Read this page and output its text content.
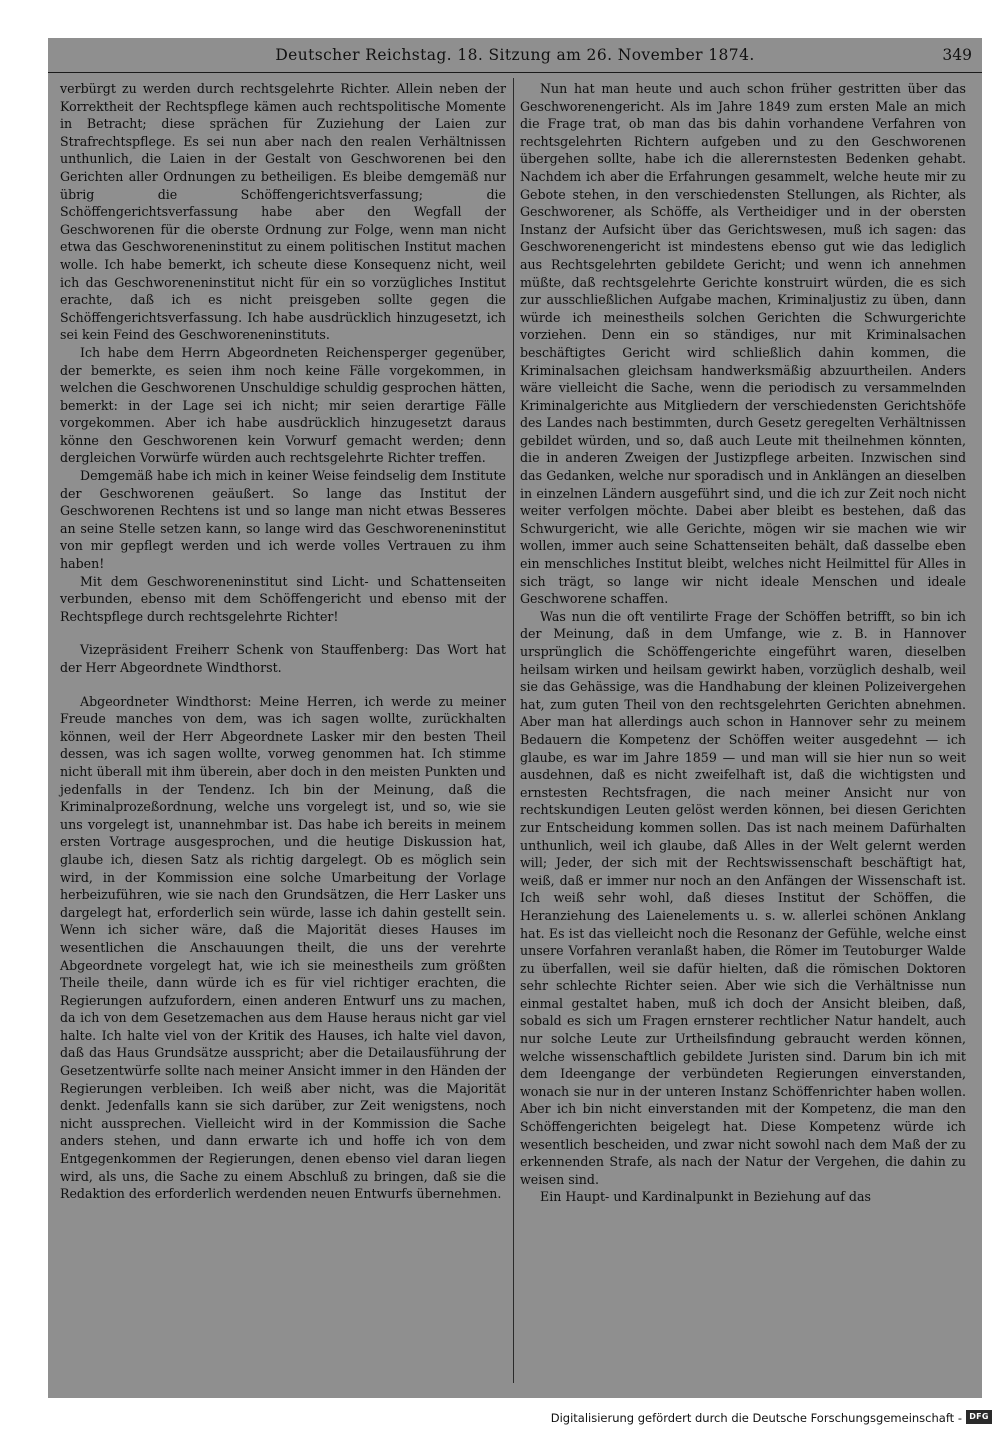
Deutscher Reichstag. 18. Sitzung am 26. November 1874.	349

verbürgt zu werden durch rechtsgelehrte Richter. Allein neben der Korrektheit der Rechtspflege kämen auch rechtspolitische Momente in Betracht; diese sprächen für Zuziehung der Laien zur Strafrechtspflege. Es sei nun aber nach den realen Verhältnissen unthunlich, die Laien in der Gestalt von Geschworenen bei den Gerichten aller Ordnungen zu betheiligen. Es bleibe demgemäß nur übrig die Schöffengerichtsverfassung; die Schöffengerichtsverfassung habe aber den Wegfall der Geschworenen für die oberste Ordnung zur Folge, wenn man nicht etwa das Geschworeneninstitut zu einem politischen Institut machen wolle. Ich habe bemerkt, ich scheute diese Konsequenz nicht, weil ich das Geschworeneninstitut nicht für ein so vorzügliches Institut erachte, daß ich es nicht preisgeben sollte gegen die Schöffengerichtsverfassung. Ich habe ausdrücklich hinzugesetzt, ich sei kein Feind des Geschworeneninstituts.

Ich habe dem Herrn Abgeordneten Reichensperger gegenüber, der bemerkte, es seien ihm noch keine Fälle vorgekommen, in welchen die Geschworenen Unschuldige schuldig gesprochen hätten, bemerkt: in der Lage sei ich nicht; mir seien derartige Fälle vorgekommen. Aber ich habe ausdrücklich hinzugesetzt daraus könne den Geschworenen kein Vorwurf gemacht werden; denn dergleichen Vorwürfe würden auch rechtsgelehrte Richter treffen.

Demgemäß habe ich mich in keiner Weise feindselig dem Institute der Geschworenen geäußert. So lange das Institut der Geschworenen Rechtens ist und so lange man nicht etwas Besseres an seine Stelle setzen kann, so lange wird das Geschworeneninstitut von mir gepflegt werden und ich werde volles Vertrauen zu ihm haben!

Mit dem Geschworeneninstitut sind Licht- und Schattenseiten verbunden, ebenso mit dem Schöffengericht und ebenso mit der Rechtspflege durch rechtsgelehrte Richter!

Vizepräsident Freiherr Schenk von Stauffenberg: Das Wort hat der Herr Abgeordnete Windthorst.

Abgeordneter Windthorst: Meine Herren, ich werde zu meiner Freude manches von dem, was ich sagen wollte, zurückhalten können, weil der Herr Abgeordnete Lasker mir den besten Theil dessen, was ich sagen wollte, vorweg genommen hat. Ich stimme nicht überall mit ihm überein, aber doch in den meisten Punkten und jedenfalls in der Tendenz. Ich bin der Meinung, daß die Kriminalprozeßordnung, welche uns vorgelegt ist, und so, wie sie uns vorgelegt ist, unannehmbar ist. Das habe ich bereits in meinem ersten Vortrage ausgesprochen, und die heutige Diskussion hat, glaube ich, diesen Satz als richtig dargelegt. Ob es möglich sein wird, in der Kommission eine solche Umarbeitung der Vorlage herbeizuführen, wie sie nach den Grundsätzen, die Herr Lasker uns dargelegt hat, erforderlich sein würde, lasse ich dahin gestellt sein. Wenn ich sicher wäre, daß die Majorität dieses Hauses im wesentlichen die Anschauungen theilt, die uns der verehrte Abgeordnete vorgelegt hat, wie ich sie meinestheils zum größten Theile theile, dann würde ich es für viel richtiger erachten, die Regierungen aufzufordern, einen anderen Entwurf uns zu machen, da ich von dem Gesetzemachen aus dem Hause heraus nicht gar viel halte. Ich halte viel von der Kritik des Hauses, ich halte viel davon, daß das Haus Grundsätze ausspricht; aber die Detailausführung der Gesetzentwürfe sollte nach meiner Ansicht immer in den Händen der Regierungen verbleiben. Ich weiß aber nicht, was die Majorität denkt. Jedenfalls kann sie sich darüber, zur Zeit wenigstens, noch nicht aussprechen. Vielleicht wird in der Kommission die Sache anders stehen, und dann erwarte ich und hoffe ich von dem Entgegenkommen der Regierungen, denen ebenso viel daran liegen wird, als uns, die Sache zu einem Abschluß zu bringen, daß sie die Redaktion des erforderlich werdenden neuen Entwurfs übernehmen.

Nun hat man heute und auch schon früher gestritten über das Geschworenengericht. Als im Jahre 1849 zum ersten Male an mich die Frage trat, ob man das bis dahin vorhandene Verfahren von rechtsgelehrten Richtern aufgeben und zu den Geschworenen übergehen sollte, habe ich die allerernstesten Bedenken gehabt. Nachdem ich aber die Erfahrungen gesammelt, welche heute mir zu Gebote stehen, in den verschiedensten Stellungen, als Richter, als Geschworener, als Schöffe, als Vertheidiger und in der obersten Instanz der Aufsicht über das Gerichtswesen, muß ich sagen: das Geschworenengericht ist mindestens ebenso gut wie das lediglich aus Rechtsgelehrten gebildete Gericht; und wenn ich annehmen müßte, daß rechtsgelehrte Gerichte konstruirt würden, die es sich zur ausschließlichen Aufgabe machen, Kriminaljustiz zu üben, dann würde ich meinestheils solchen Gerichten die Schwurgerichte vorziehen. Denn ein so ständiges, nur mit Kriminalsachen beschäftigtes Gericht wird schließlich dahin kommen, die Kriminalsachen gleichsam handwerksmäßig abzuurtheilen. Anders wäre vielleicht die Sache, wenn die periodisch zu versammelnden Kriminalgerichte aus Mitgliedern der verschiedensten Gerichtshöfe des Landes nach bestimmten, durch Gesetz geregelten Verhältnissen gebildet würden, und so, daß auch Leute mit theilnehmen könnten, die in anderen Zweigen der Justizpflege arbeiten. Inzwischen sind das Gedanken, welche nur sporadisch und in Anklängen an dieselben in einzelnen Ländern ausgeführt sind, und die ich zur Zeit noch nicht weiter verfolgen möchte. Dabei aber bleibt es bestehen, daß das Schwurgericht, wie alle Gerichte, mögen wir sie machen wie wir wollen, immer auch seine Schattenseiten behält, daß dasselbe eben ein menschliches Institut bleibt, welches nicht Heilmittel für Alles in sich trägt, so lange wir nicht ideale Menschen und ideale Geschworene schaffen.

Was nun die oft ventilirte Frage der Schöffen betrifft, so bin ich der Meinung, daß in dem Umfange, wie z. B. in Hannover ursprünglich die Schöffengerichte eingeführt waren, dieselben heilsam wirken und heilsam gewirkt haben, vorzüglich deshalb, weil sie das Gehässige, was die Handhabung der kleinen Polizeivergehen hat, zum guten Theil von den rechtsgelehrten Gerichten abnehmen. Aber man hat allerdings auch schon in Hannover sehr zu meinem Bedauern die Kompetenz der Schöffen weiter ausgedehnt — ich glaube, es war im Jahre 1859 — und man will sie hier nun so weit ausdehnen, daß es nicht zweifelhaft ist, daß die wichtigsten und ernstesten Rechtsfragen, die nach meiner Ansicht nur von rechtskundigen Leuten gelöst werden können, bei diesen Gerichten zur Entscheidung kommen sollen. Das ist nach meinem Dafürhalten unthunlich, weil ich glaube, daß Alles in der Welt gelernt werden will; Jeder, der sich mit der Rechtswissenschaft beschäftigt hat, weiß, daß er immer nur noch an den Anfängen der Wissenschaft ist. Ich weiß sehr wohl, daß dieses Institut der Schöffen, die Heranziehung des Laienelements u. s. w. allerlei schönen Anklang hat. Es ist das vielleicht noch die Resonanz der Gefühle, welche einst unsere Vorfahren veranlaßt haben, die Römer im Teutoburger Walde zu überfallen, weil sie dafür hielten, daß die römischen Doktoren sehr schlechte Richter seien. Aber wie sich die Verhältnisse nun einmal gestaltet haben, muß ich doch der Ansicht bleiben, daß, sobald es sich um Fragen ernsterer rechtlicher Natur handelt, auch nur solche Leute zur Urtheilsfindung gebraucht werden können, welche wissenschaftlich gebildete Juristen sind. Darum bin ich mit dem Ideengange der verbündeten Regierungen einverstanden, wonach sie nur in der unteren Instanz Schöffenrichter haben wollen. Aber ich bin nicht einverstanden mit der Kompetenz, die man den Schöffengerichten beigelegt hat. Diese Kompetenz würde ich wesentlich bescheiden, und zwar nicht sowohl nach dem Maß der zu erkennenden Strafe, als nach der Natur der Vergehen, die dahin zu weisen sind.

Ein Haupt- und Kardinalpunkt in Beziehung auf das

Digitalisierung gefördert durch die Deutsche Forschungsgemeinschaft - DFG
